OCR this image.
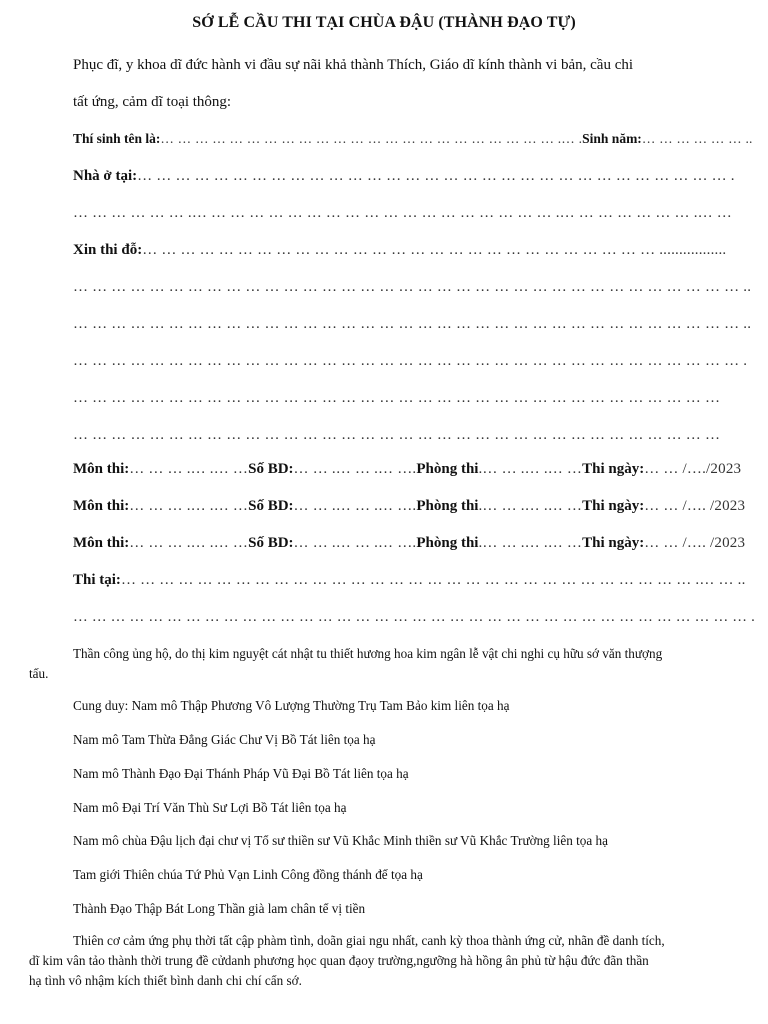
SỚ LỄ CẦU THI TẠI CHÙA ĐẬU (THÀNH ĐẠO TỰ)
Phục đĩ, y khoa dĩ đức hành vi đầu sự nãi khả thành Thích, Giáo dĩ kính thành vi bản, cầu chi
tất ứng, cảm dĩ toại thông:
Thí sinh tên là:… … … … … … … … … … … … … … … … … … … … … … … .… .Sinh năm:… … … … … … ..
Nhà ở tại:… … … … … … … … … … … … … … … … … … … … … … … … … … … … … … … .
… … … … … … .… … … … … … … … … … … … … … … … … … … .… … … … … … … .… …
Xin thi đỗ:… … … … … … … … … … … … … … … … … … … … … … … … … … … .................
… … … … … … … … … … … … … … … … … … … … … … … … … … … … … … … … … … … ..
… … … … … … … … … … … … … … … … … … … … … … … … … … … … … … … … … … … ..
… … … … … … … … … … … … … … … … … … … … … … … … … … … … … … … … … … … .
… … … … … … … … … … … … … … … … … … … … … … … … … … … … … … … … … …
… … … … … … … … … … … … … … … … … … … … … … … … … … … … … … … … … …
Môn thi:… … … .… .… …Số BD:… … .… … .… ….Phòng thi.… … .… .… …Thi ngày:… … /…./2023
Môn thi:… … … .… .… …Số BD:… … .… … .… ….Phòng thi.… … .… .… …Thi ngày:… … /…. /2023
Môn thi:… … … .… .… …Số BD:… … .… … .… ….Phòng thi.… … .… .… …Thi ngày:… … /…. /2023
Thi tại:… … … … … … … … … … … … … … … … … … … … … … … … … … … … … … .… … ..
… … … … … … … … … … … … … … … … … … … … … … … … … … … … … … … … … … … … .
Thần công ủng hộ, do thị kim nguyệt cát nhật tu thiết hương hoa kim ngân lễ vật chi nghi cụ hữu sớ văn thượng
tấu.
Cung duy: Nam mô Thập Phương Vô Lượng Thường Trụ Tam Bảo kim liên tọa hạ
Nam mô Tam Thừa Đẳng Giác Chư Vị Bồ Tát liên tọa hạ
Nam mô Thành Đạo Đại Thánh Pháp Vũ Đại Bồ Tát liên tọa hạ
Nam mô Đại Trí Văn Thù Sư Lợi Bồ Tát liên tọa hạ
Nam mô chùa Đậu lịch đại chư vị Tổ sư thiền sư Vũ Khắc Minh thiền sư Vũ Khắc Trường liên tọa hạ
Tam giới Thiên chúa Tứ Phủ Vạn Linh Công đồng thánh đế tọa hạ
Thành Đạo Thập Bát Long Thần già lam chân tể vị tiền
Thiên cơ cảm ứng phụ thời tất cập phàm tình, doãn giai ngu nhất, canh kỳ thoa thành ứng cử, nhãn đề danh tích,
dĩ kim vân tảo thành thời trung đề cửdanh phương học quan đạoy trường,ngưỡng hà hồng ân phủ từ hậu đức đãn thần
hạ tình vô nhậm kích thiết bình danh chi chí cẩn sớ.
